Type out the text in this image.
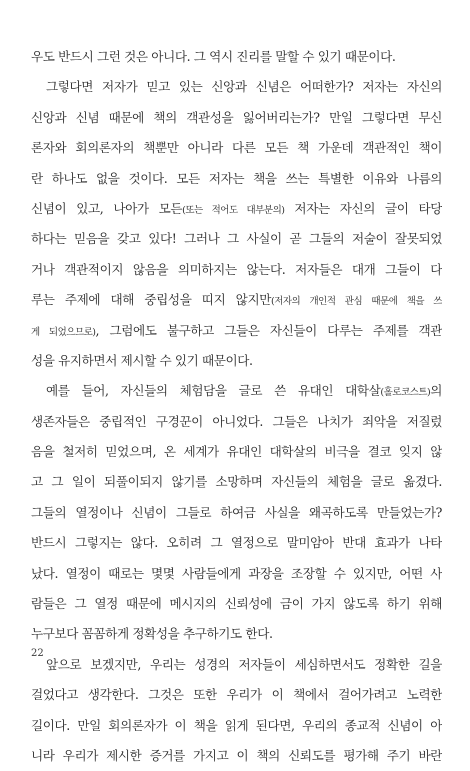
우도 반드시 그런 것은 아니다. 그 역시 진리를 말할 수 있기 때문이다.
그렇다면 저자가 믿고 있는 신앙과 신념은 어떠한가? 저자는 자신의
신앙과 신념 때문에 책의 객관성을 잃어버리는가? 만일 그렇다면 무신
론자와 회의론자의 책뿐만 아니라 다른 모든 책 가운데 객관적인 책이
란 하나도 없을 것이다. 모든 저자는 책을 쓰는 특별한 이유와 나름의
신념이 있고, 나아가 모든(또는 적어도 대부분의) 저자는 자신의 글이 타당
하다는 믿음을 갖고 있다! 그러나 그 사실이 곧 그들의 저술이 잘못되었
거나 객관적이지 않음을 의미하지는 않는다. 저자들은 대개 그들이 다
루는 주제에 대해 중립성을 띠지 않지만(저자의 개인적 관심 때문에 책을 쓰
게 되었으므로), 그럼에도 불구하고 그들은 자신들이 다루는 주제를 객관
성을 유지하면서 제시할 수 있기 때문이다.
예를 들어, 자신들의 체험담을 글로 쓴 유대인 대학살(홀로코스트)의
생존자들은 중립적인 구경꾼이 아니었다. 그들은 나치가 죄악을 저질렀
음을 철저히 믿었으며, 온 세계가 유대인 대학살의 비극을 결코 잊지 않
고 그 일이 되풀이되지 않기를 소망하며 자신들의 체험을 글로 옮겼다.
그들의 열정이나 신념이 그들로 하여금 사실을 왜곡하도록 만들었는가?
반드시 그렇지는 않다. 오히려 그 열정으로 말미암아 반대 효과가 나타
났다. 열정이 때로는 몇몇 사람들에게 과장을 조장할 수 있지만, 어떤 사
람들은 그 열정 때문에 메시지의 신뢰성에 금이 가지 않도록 하기 위해
누구보다 꼼꼼하게 정확성을 추구하기도 한다.
앞으로 보겠지만, 우리는 성경의 저자들이 세심하면서도 정확한 길을
걸었다고 생각한다. 그것은 또한 우리가 이 책에서 걸어가려고 노력한
길이다. 만일 회의론자가 이 책을 읽게 된다면, 우리의 종교적 신념이 아
니라 우리가 제시한 증거를 가지고 이 책의 신뢰도를 평가해 주기 바란
22
